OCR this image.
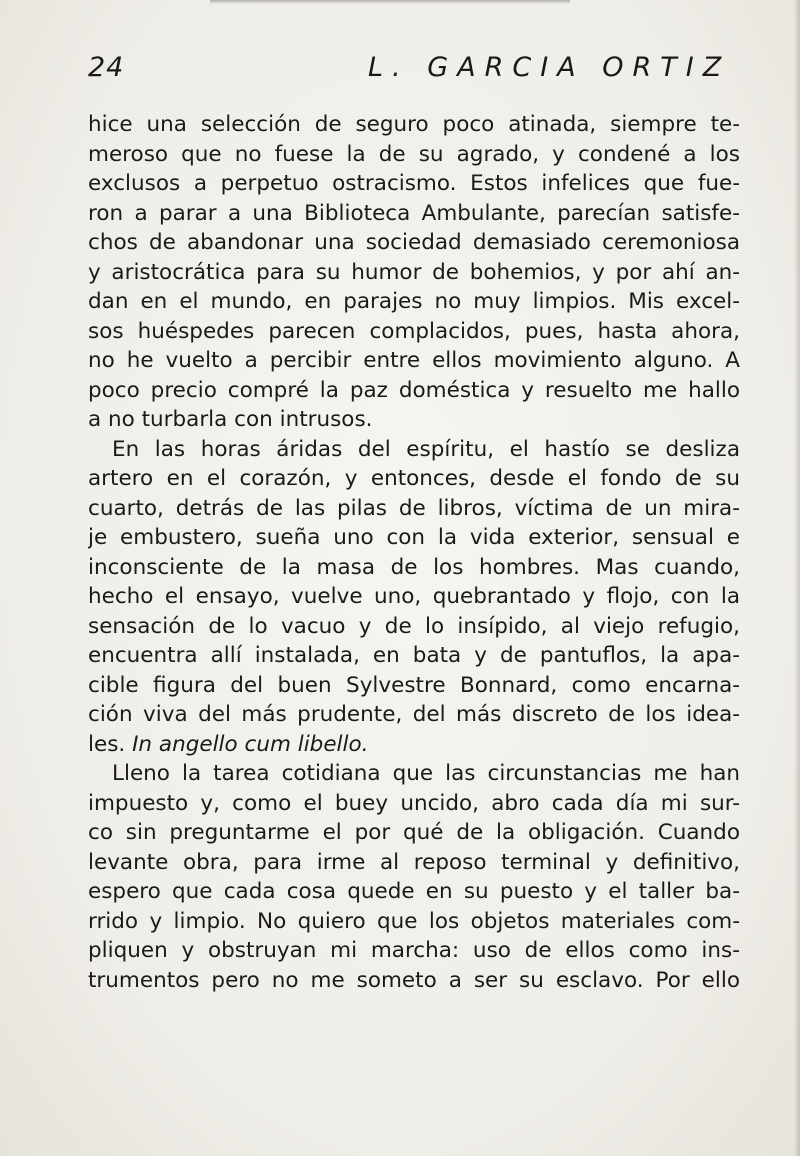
24	L. GARCIA ORTIZ
hice una selección de seguro poco atinada, siempre te-
meroso que no fuese la de su agrado, y condené a los
exclusos a perpetuo ostracismo. Estos infelices que fue-
ron a parar a una Biblioteca Ambulante, parecían satisfe-
chos de abandonar una sociedad demasiado ceremoniosa
y aristocrática para su humor de bohemios, y por ahí an-
dan en el mundo, en parajes no muy limpios. Mis excel-
sos huéspedes parecen complacidos, pues, hasta ahora,
no he vuelto a percibir entre ellos movimiento alguno. A
poco precio compré la paz doméstica y resuelto me hallo
a no turbarla con intrusos.
En las horas áridas del espíritu, el hastío se desliza
artero en el corazón, y entonces, desde el fondo de su
cuarto, detrás de las pilas de libros, víctima de un mira-
je embustero, sueña uno con la vida exterior, sensual e
inconsciente de la masa de los hombres. Mas cuando,
hecho el ensayo, vuelve uno, quebrantado y flojo, con la
sensación de lo vacuo y de lo insípido, al viejo refugio,
encuentra allí instalada, en bata y de pantuflos, la apa-
cible figura del buen Sylvestre Bonnard, como encarna-
ción viva del más prudente, del más discreto de los idea-
les. In angello cum libello.
Lleno la tarea cotidiana que las circunstancias me han
impuesto y, como el buey uncido, abro cada día mi sur-
co sin preguntarme el por qué de la obligación. Cuando
levante obra, para irme al reposo terminal y definitivo,
espero que cada cosa quede en su puesto y el taller ba-
rrido y limpio. No quiero que los objetos materiales com-
pliquen y obstruyan mi marcha: uso de ellos como ins-
trumentos pero no me someto a ser su esclavo. Por ello
